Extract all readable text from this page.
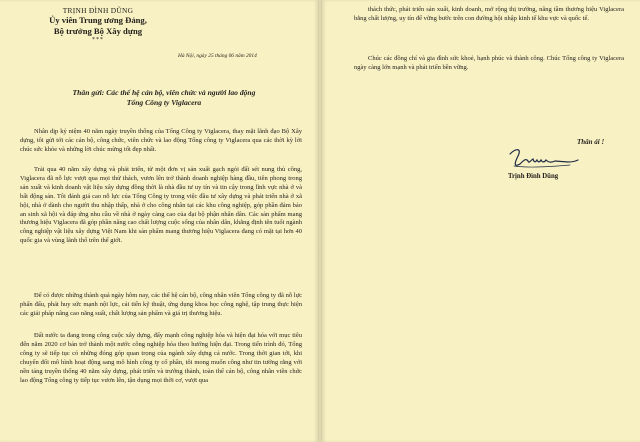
TRỊNH ĐÌNH DŨNG
Ủy viên Trung ương Đảng,
Bộ trưởng Bộ Xây dựng
***
Hà Nội, ngày 25 tháng 06 năm 2014
Thân gửi: Các thế hệ cán bộ, viên chức và người lao động
Tổng Công ty Viglacera

Nhân dịp kỷ niệm 40 năm ngày truyền thống của Tổng Công ty Viglacera, thay mặt lãnh đạo Bộ Xây dựng, tôi gửi tới các cán bộ, công chức, viên chức và lao động Tổng công ty Viglacera qua các thời kỳ lời chúc sức khỏe và những lời chúc mừng tốt đẹp nhất.

Trải qua 40 năm xây dựng và phát triển, từ một đơn vị sản xuất gạch ngói đất sét nung thủ công, Viglacera đã nỗ lực vượt qua mọi thử thách, vươn lên trở thành doanh nghiệp hàng đầu, tiên phong trong sản xuất và kinh doanh vật liệu xây dựng đồng thời là nhà đầu tư uy tín và tin cậy trong lĩnh vực nhà ở và bất động sản. Tôi đánh giá cao nỗ lực của Tổng Công ty trong việc đầu tư xây dựng và phát triển nhà ở xã hội, nhà ở dành cho người thu nhập thấp, nhà ở cho công nhân tại các khu công nghiệp, góp phần đảm bảo an sinh xã hội và đáp ứng nhu cầu về nhà ở ngày càng cao của đại bộ phận nhân dân. Các sản phẩm mang thương hiệu Viglacera đã góp phần nâng cao chất lượng cuộc sống của nhân dân, khẳng định tên tuổi ngành công nghiệp vật liệu xây dựng Việt Nam khi sản phẩm mang thương hiệu Viglacera đang có mặt tại hơn 40 quốc gia và vùng lãnh thổ trên thế giới.

Để có được những thành quả ngày hôm nay, các thế hệ cán bộ, công nhân viên Tổng công ty đã nỗ lực phấn đấu, phát huy sức mạnh nội lực, cải tiến kỹ thuật, ứng dụng khoa học công nghệ, tập trung thực hiện các giải pháp nâng cao năng suất, chất lượng sản phẩm và giá trị thương hiệu.

Đất nước ta đang trong công cuộc xây dựng, đẩy mạnh công nghiệp hóa và hiện đại hóa với mục tiêu đến năm 2020 cơ bản trở thành một nước công nghiệp hóa theo hướng hiện đại. Trong tiến trình đó, Tổng công ty sẽ tiếp tục có những đóng góp quan trọng của ngành xây dựng cả nước. Trong thời gian tới, khi chuyển đổi mô hình hoạt động sang mô hình công ty cổ phần, tôi mong muốn công như tin tưởng rằng với nền tảng truyền thống 40 năm xây dựng, phát triển và trưởng thành, toàn thể cán bộ, công nhân viên chức lao động Tổng công ty tiếp tục vươn lên, tận dụng mọi thời cơ, vượt qua

thách thức, phát triển sản xuất, kinh doanh, mở rộng thị trường, nâng tầm thương hiệu Viglacera bằng chất lượng, uy tín để vững bước trên con đường hội nhập kinh tế khu vực và quốc tế.

Chúc các đồng chí và gia đình sức khoẻ, hạnh phúc và thành công. Chúc Tổng công ty Viglacera ngày càng lớn mạnh và phát triển bền vững.

Thân ái !
Trịnh Đình Dũng
